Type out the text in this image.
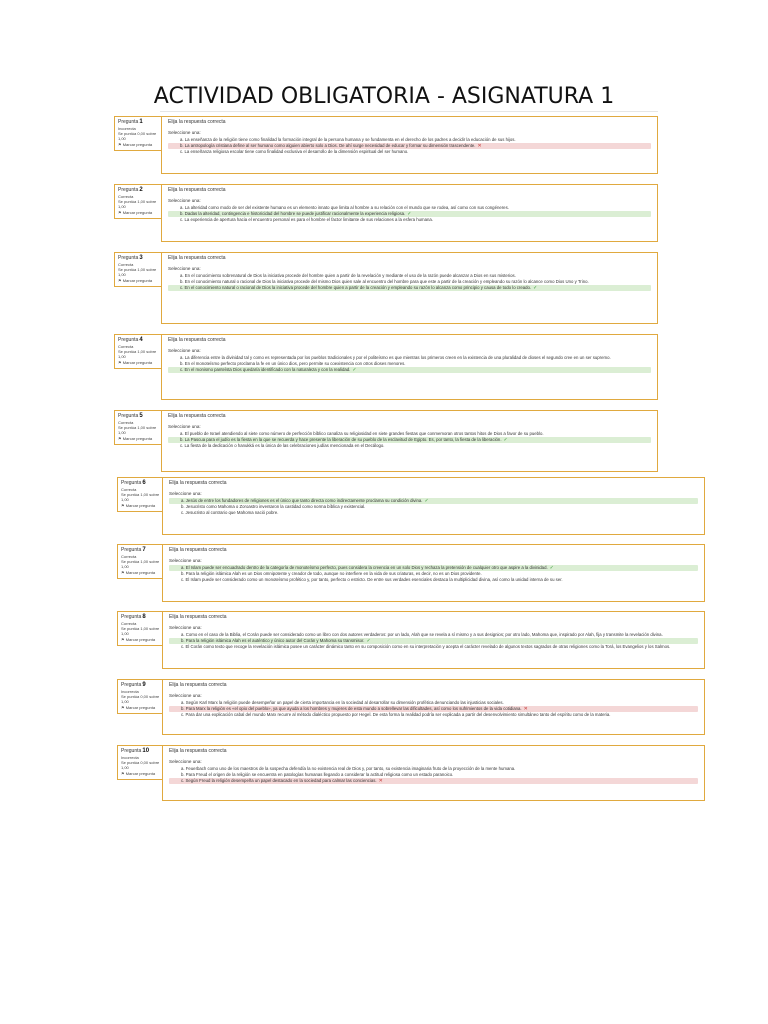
ACTIVIDAD OBLIGATORIA - ASIGNATURA 1
Pregunta 1
Incorrecta
Se puntúa 0,00 sobre 1,00
⚑ Marcar pregunta
Elija la respuesta correcta
Seleccione una:
a. La enseñanza de la religión tiene como finalidad la formación integral de la persona humana y se fundamenta en el derecho de los padres a decidir la educación de sus hijos.
b. La antropología cristiana define al ser humano como alguien abierto solo a Dios. De ahí surge necesidad de educar y formar su dimensión trascendente. ✕
c. La enseñanza religiosa escolar tiene como finalidad exclusiva el desarrollo de la dimensión espiritual del ser humano.
Pregunta 2
Correcta
Se puntúa 1,00 sobre 1,00
⚑ Marcar pregunta
Elija la respuesta correcta
Seleccione una:
a. La alteridad como modo de ser del existente humano es un elemento innato que limita al hombre a su relación con el mundo que se rodea, así como con sus congéneres.
b. Dadas la alteridad, contingencia e historicidad del hombre se puede justificar racionalmente la experiencia religiosa. ✓
c. La experiencia de apertura hacia el encuentro personal es para el hombre el factor limitante de sus relaciones a la esfera humana.
Pregunta 3
Correcta
Se puntúa 1,00 sobre 1,00
⚑ Marcar pregunta
Elija la respuesta correcta
Seleccione una:
a. En el conocimiento sobrenatural de Dios la iniciativa procede del hombre quien a partir de la revelación y mediante el uso de la razón puede alcanzar a Dios en sus misterios.
b. En el conocimiento natural o racional de Dios la iniciativa procede del mismo Dios quien sale al encuentro del hombre para que este a partir de la creación y empleando su razón lo alcance como Dios Uno y Trino.
c. En el conocimiento natural o racional de Dios la iniciativa procede del hombre quien a partir de la creación y empleando su razón lo alcanza como principio y causa de todo lo creado. ✓
Pregunta 4
Correcta
Se puntúa 1,00 sobre 1,00
⚑ Marcar pregunta
Elija la respuesta correcta
Seleccione una:
a. La diferencia entre la divinidad tal y como es representada por los pueblos tradicionales y por el politeísmo es que mientras los primeros creen en la existencia de una pluralidad de dioses el segundo cree en un ser supremo.
b. En el monoteísmo perfecto proclama la fe en un único dios, pero permite su coexistencia con otros dioses menores.
c. En el monismo panteísta Dios quedaría identificado con la naturaleza y con la realidad. ✓
Pregunta 5
Correcta
Se puntúa 1,00 sobre 1,00
⚑ Marcar pregunta
Elija la respuesta correcta
Seleccione una:
a. El pueblo de Israel atendiendo al siete como número de perfección bíblico canaliza su religiosidad en siete grandes fiestas que conmemoran otros tantos hitos de Dios a favor de su pueblo.
b. La Pascua para el judío es la fiesta en la que se recuerda y hace presente la liberación de su pueblo de la esclavitud de Egipto. Es, por tanto, la fiesta de la liberación. ✓
c. La fiesta de la dedicación o hanukká es la única de las celebraciones judías mencionada en el Decálogo.
Pregunta 6
Correcta
Se puntúa 1,00 sobre 1,00
⚑ Marcar pregunta
Elija la respuesta correcta
Seleccione una:
a. Jesús de entre los fundadores de religiones es el único que tanto directa como indirectamente proclama su condición divina. ✓
b. Jesucristo como Mahoma o Zoroastro inventaron la castidad como norma bíblica y existencial.
c. Jesucristo al contrario que Mahoma nació pobre.
Pregunta 7
Correcta
Se puntúa 1,00 sobre 1,00
⚑ Marcar pregunta
Elija la respuesta correcta
Seleccione una:
a. El Islam puede ser encuadrado dentro de la categoría de monoteísmo perfecto, pues considera la creencia en un solo Dios y rechaza la pretensión de cualquier otro que aspire a la divinidad. ✓
b. Para la religión islámica Alah es un Dios omnipotente y creador de todo, aunque no interfiere en la vida de sus criaturas, es decir, no es un Dios providente.
c. El Islam puede ser considerado como un monoteísmo profético y, por tanto, perfecto o estricto. De entre sus verdades esenciales destaca la multiplicidad divina, así como la unidad interna de su ser.
Pregunta 8
Correcta
Se puntúa 1,00 sobre 1,00
⚑ Marcar pregunta
Elija la respuesta correcta
Seleccione una:
a. Como en el caso de la Biblia, el Corán puede ser considerado como un libro con dos autores verdaderos: por un lado, Alah que se revela a sí mismo y a sus designios; por otro lado, Mahoma que, inspirado por Alah, fija y transmite la revelación divina.
b. Para la religión islámica Alah es el auténtico y único autor del Corán y Mahoma su transmisor. ✓
c. El Corán como texto que recoge la revelación islámica posee un carácter dinámico tanto en su composición como en su interpretación y acepta el carácter revelado de algunos textos sagrados de otras religiones como la Torá, los Evangelios y los Salmos.
Pregunta 9
Incorrecta
Se puntúa 0,00 sobre 1,00
⚑ Marcar pregunta
Elija la respuesta correcta
Seleccione una:
a. Según Karl Marx la religión puede desempeñar un papel de cierta importancia en la sociedad al desarrollar su dimensión profética denunciando las injusticias sociales.
b. Para Marx la religión es «el opio del pueblo», ya que ayuda a los hombres y mujeres de esta mundo a sobrellevar las dificultades, así como los sufrimientos de la vida cotidiana. ✕
c. Para dar una explicación cabal del mundo Marx recurre al método dialéctico propuesto por Hegel. De esta forma la realidad podría ser explicada a partir del desenvolvimiento simultáneo tanto del espíritu como de la materia.
Pregunta 10
Incorrecta
Se puntúa 0,00 sobre 1,00
⚑ Marcar pregunta
Elija la respuesta correcta
Seleccione una:
a. Feuerbach como uno de los maestros de la sospecha defendía la no existencia real de Dios y, por tanto, su existencia imaginaria fruto de la proyección de la mente humana.
b. Para Freud el origen de la religión se encuentra en patologías humanas llegando a considerar la actitud religiosa como un estado paranoico.
c. Según Freud la religión desempeña un papel destacado en la sociedad para calmar las conciencias. ✕
